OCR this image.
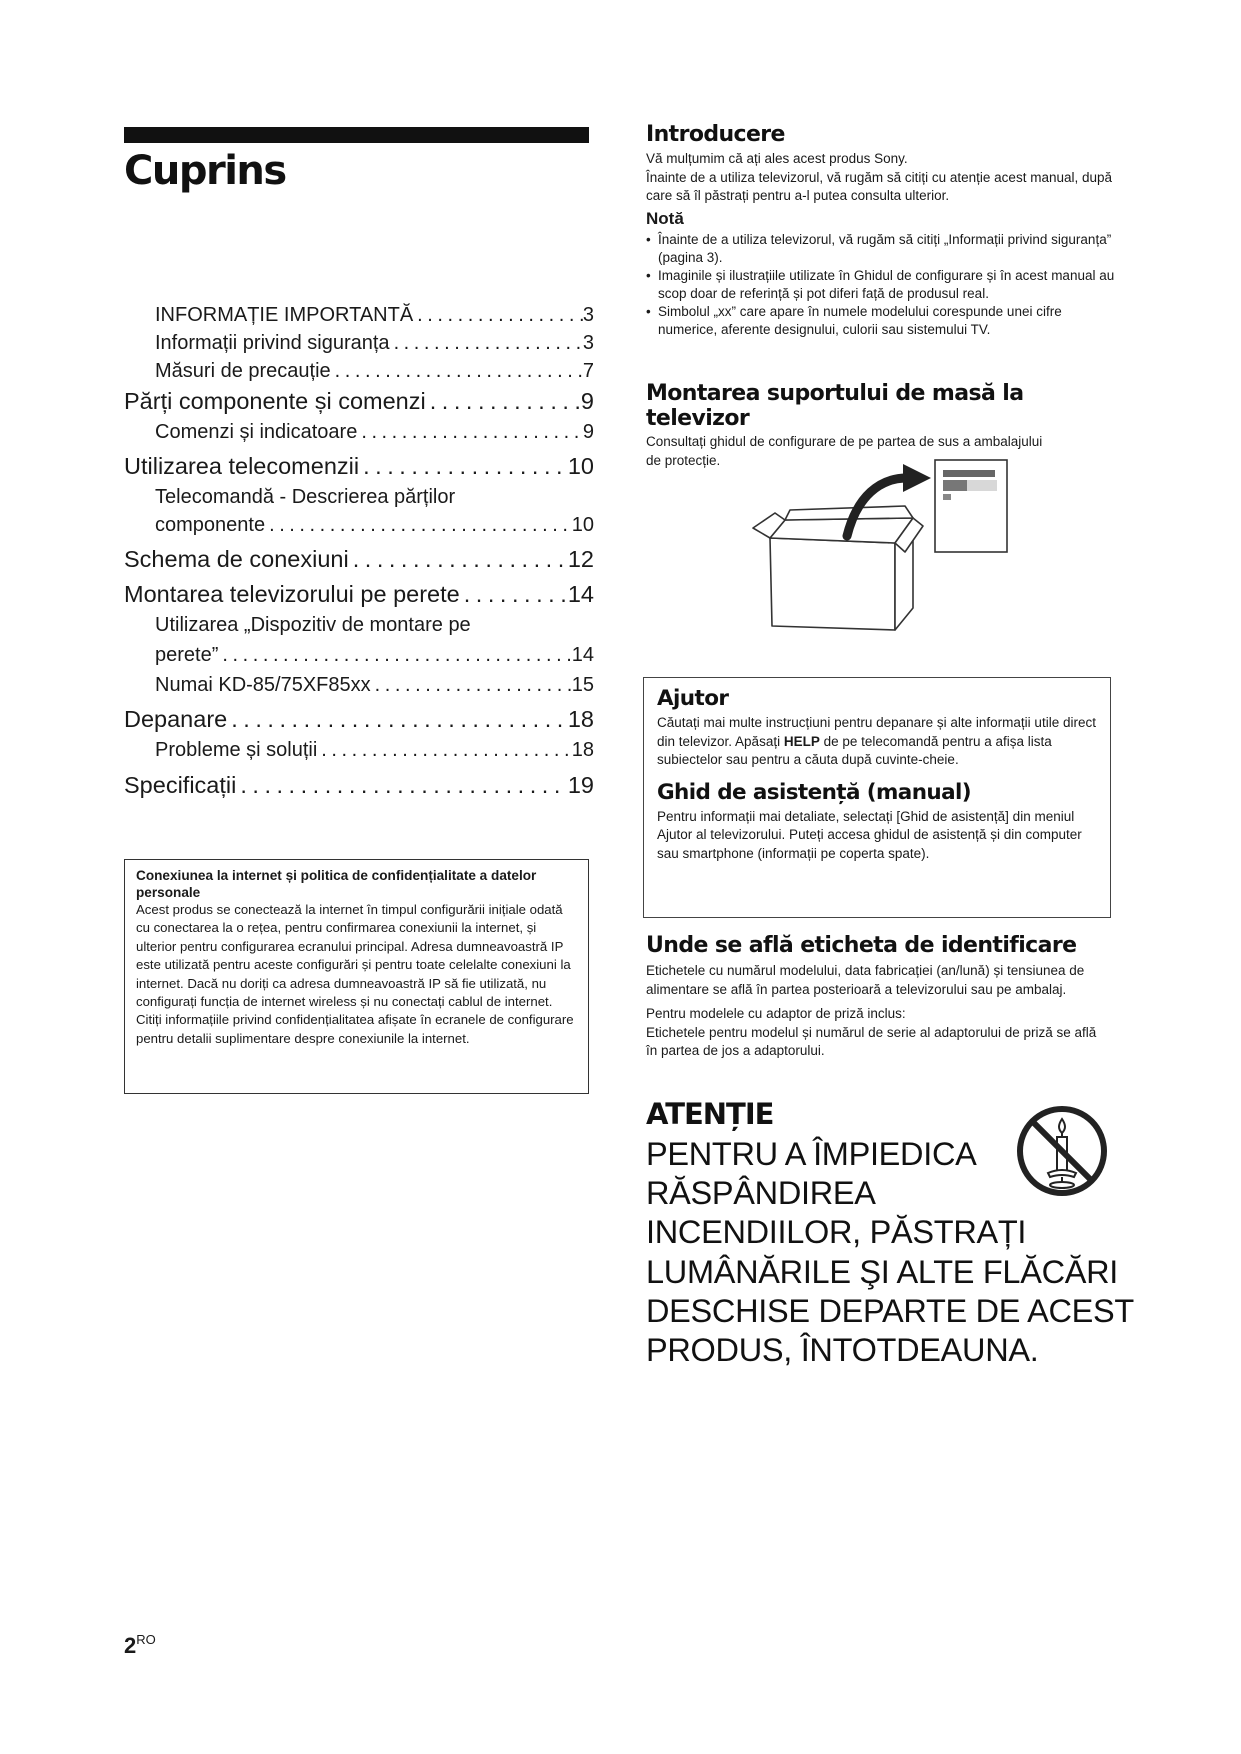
Cuprins
INFORMAȚIE IMPORTANTĂ . . .	3
Informații privind siguranța . . .	3
Măsuri de precauție . . .	7
Părți componente și comenzi . . .	9
Comenzi și indicatoare . . .	9
Utilizarea telecomenzii . . .	10
Telecomandă - Descrierea părților
componente . . .	10
Schema de conexiuni . . .	12
Montarea televizorului pe perete . . .	14
Utilizarea „Dispozitiv de montare pe
perete” . . .	14
Numai KD-85/75XF85xx . . .	15
Depanare . . .	18
Probleme și soluții . . .	18
Specificații . . .	19
Conexiunea la internet și politica de confidențialitate a datelor personale
Acest produs se conectează la internet în timpul configurării inițiale odată cu conectarea la o rețea, pentru confirmarea conexiunii la internet, și ulterior pentru configurarea ecranului principal. Adresa dumneavoastră IP este utilizată pentru aceste configurări și pentru toate celelalte conexiuni la internet. Dacă nu doriți ca adresa dumneavoastră IP să fie utilizată, nu configurați funcția de internet wireless și nu conectați cablul de internet. Citiți informațiile privind confidențialitatea afișate în ecranele de configurare pentru detalii suplimentare despre conexiunile la internet.
$2^{RO}$
Introducere
Vă mulțumim că ați ales acest produs Sony.
Înainte de a utiliza televizorul, vă rugăm să citiți cu atenție acest manual, după care să îl păstrați pentru a-l putea consulta ulterior.
Notă
• Înainte de a utiliza televizorul, vă rugăm să citiți „Informații privind siguranța” (pagina 3).
• Imaginile și ilustrațiile utilizate în Ghidul de configurare și în acest manual au scop doar de referință și pot diferi față de produsul real.
• Simbolul „xx” care apare în numele modelului corespunde unei cifre numerice, aferente designului, culorii sau sistemului TV.
Montarea suportului de masă la televizor
Consultați ghidul de configurare de pe partea de sus a ambalajului de protecție.
Ajutor
Căutați mai multe instrucțiuni pentru depanare și alte informații utile direct din televizor. Apăsați HELP de pe telecomandă pentru a afișa lista subiectelor sau pentru a căuta după cuvinte-cheie.
Ghid de asistență (manual)
Pentru informații mai detaliate, selectați [Ghid de asistență] din meniul Ajutor al televizorului. Puteți accesa ghidul de asistență și din computer sau smartphone (informații pe coperta spate).
Unde se află eticheta de identificare
Etichetele cu numărul modelului, data fabricației (an/lună) și tensiunea de alimentare se află în partea posterioară a televizorului sau pe ambalaj.
Pentru modelele cu adaptor de priză inclus:
Etichetele pentru modelul și numărul de serie al adaptorului de priză se află în partea de jos a adaptorului.
ATENȚIE
PENTRU A ÎMPIEDICA
RĂSPÂNDIREA
INCENDIILOR, PĂSTRAȚI
LUMÂNĂRILE ŞI ALTE FLĂCĂRI
DESCHISE DEPARTE DE ACEST
PRODUS, ÎNTOTDEAUNA.
